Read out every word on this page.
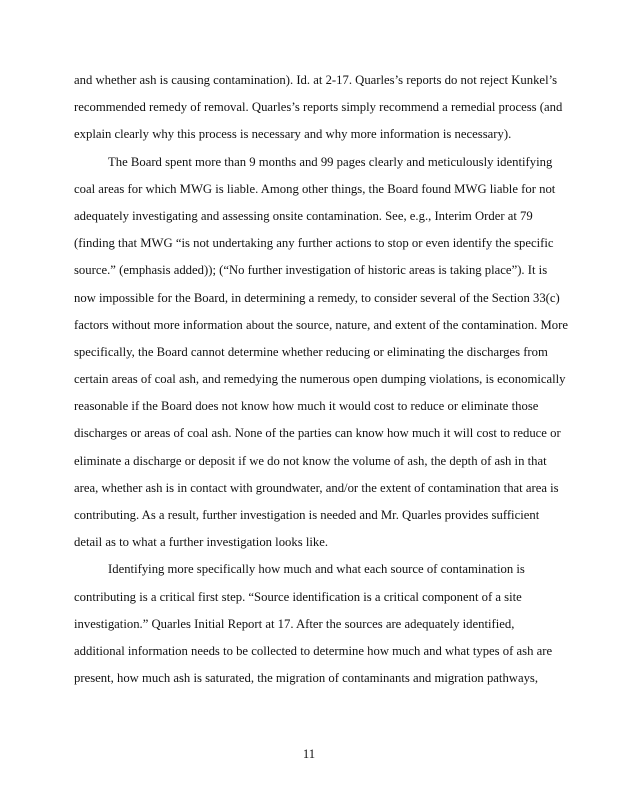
and whether ash is causing contamination). Id. at 2-17. Quarles’s reports do not reject Kunkel’s
recommended remedy of removal. Quarles’s reports simply recommend a remedial process (and
explain clearly why this process is necessary and why more information is necessary).
The Board spent more than 9 months and 99 pages clearly and meticulously identifying
coal areas for which MWG is liable. Among other things, the Board found MWG liable for not
adequately investigating and assessing onsite contamination. See, e.g., Interim Order at 79
(finding that MWG “is not undertaking any further actions to stop or even identify the specific
source.” (emphasis added)); (“No further investigation of historic areas is taking place”). It is
now impossible for the Board, in determining a remedy, to consider several of the Section 33(c)
factors without more information about the source, nature, and extent of the contamination. More
specifically, the Board cannot determine whether reducing or eliminating the discharges from
certain areas of coal ash, and remedying the numerous open dumping violations, is economically
reasonable if the Board does not know how much it would cost to reduce or eliminate those
discharges or areas of coal ash. None of the parties can know how much it will cost to reduce or
eliminate a discharge or deposit if we do not know the volume of ash, the depth of ash in that
area, whether ash is in contact with groundwater, and/or the extent of contamination that area is
contributing. As a result, further investigation is needed and Mr. Quarles provides sufficient
detail as to what a further investigation looks like.
Identifying more specifically how much and what each source of contamination is
contributing is a critical first step. “Source identification is a critical component of a site
investigation.” Quarles Initial Report at 17. After the sources are adequately identified,
additional information needs to be collected to determine how much and what types of ash are
present, how much ash is saturated, the migration of contaminants and migration pathways,
11
